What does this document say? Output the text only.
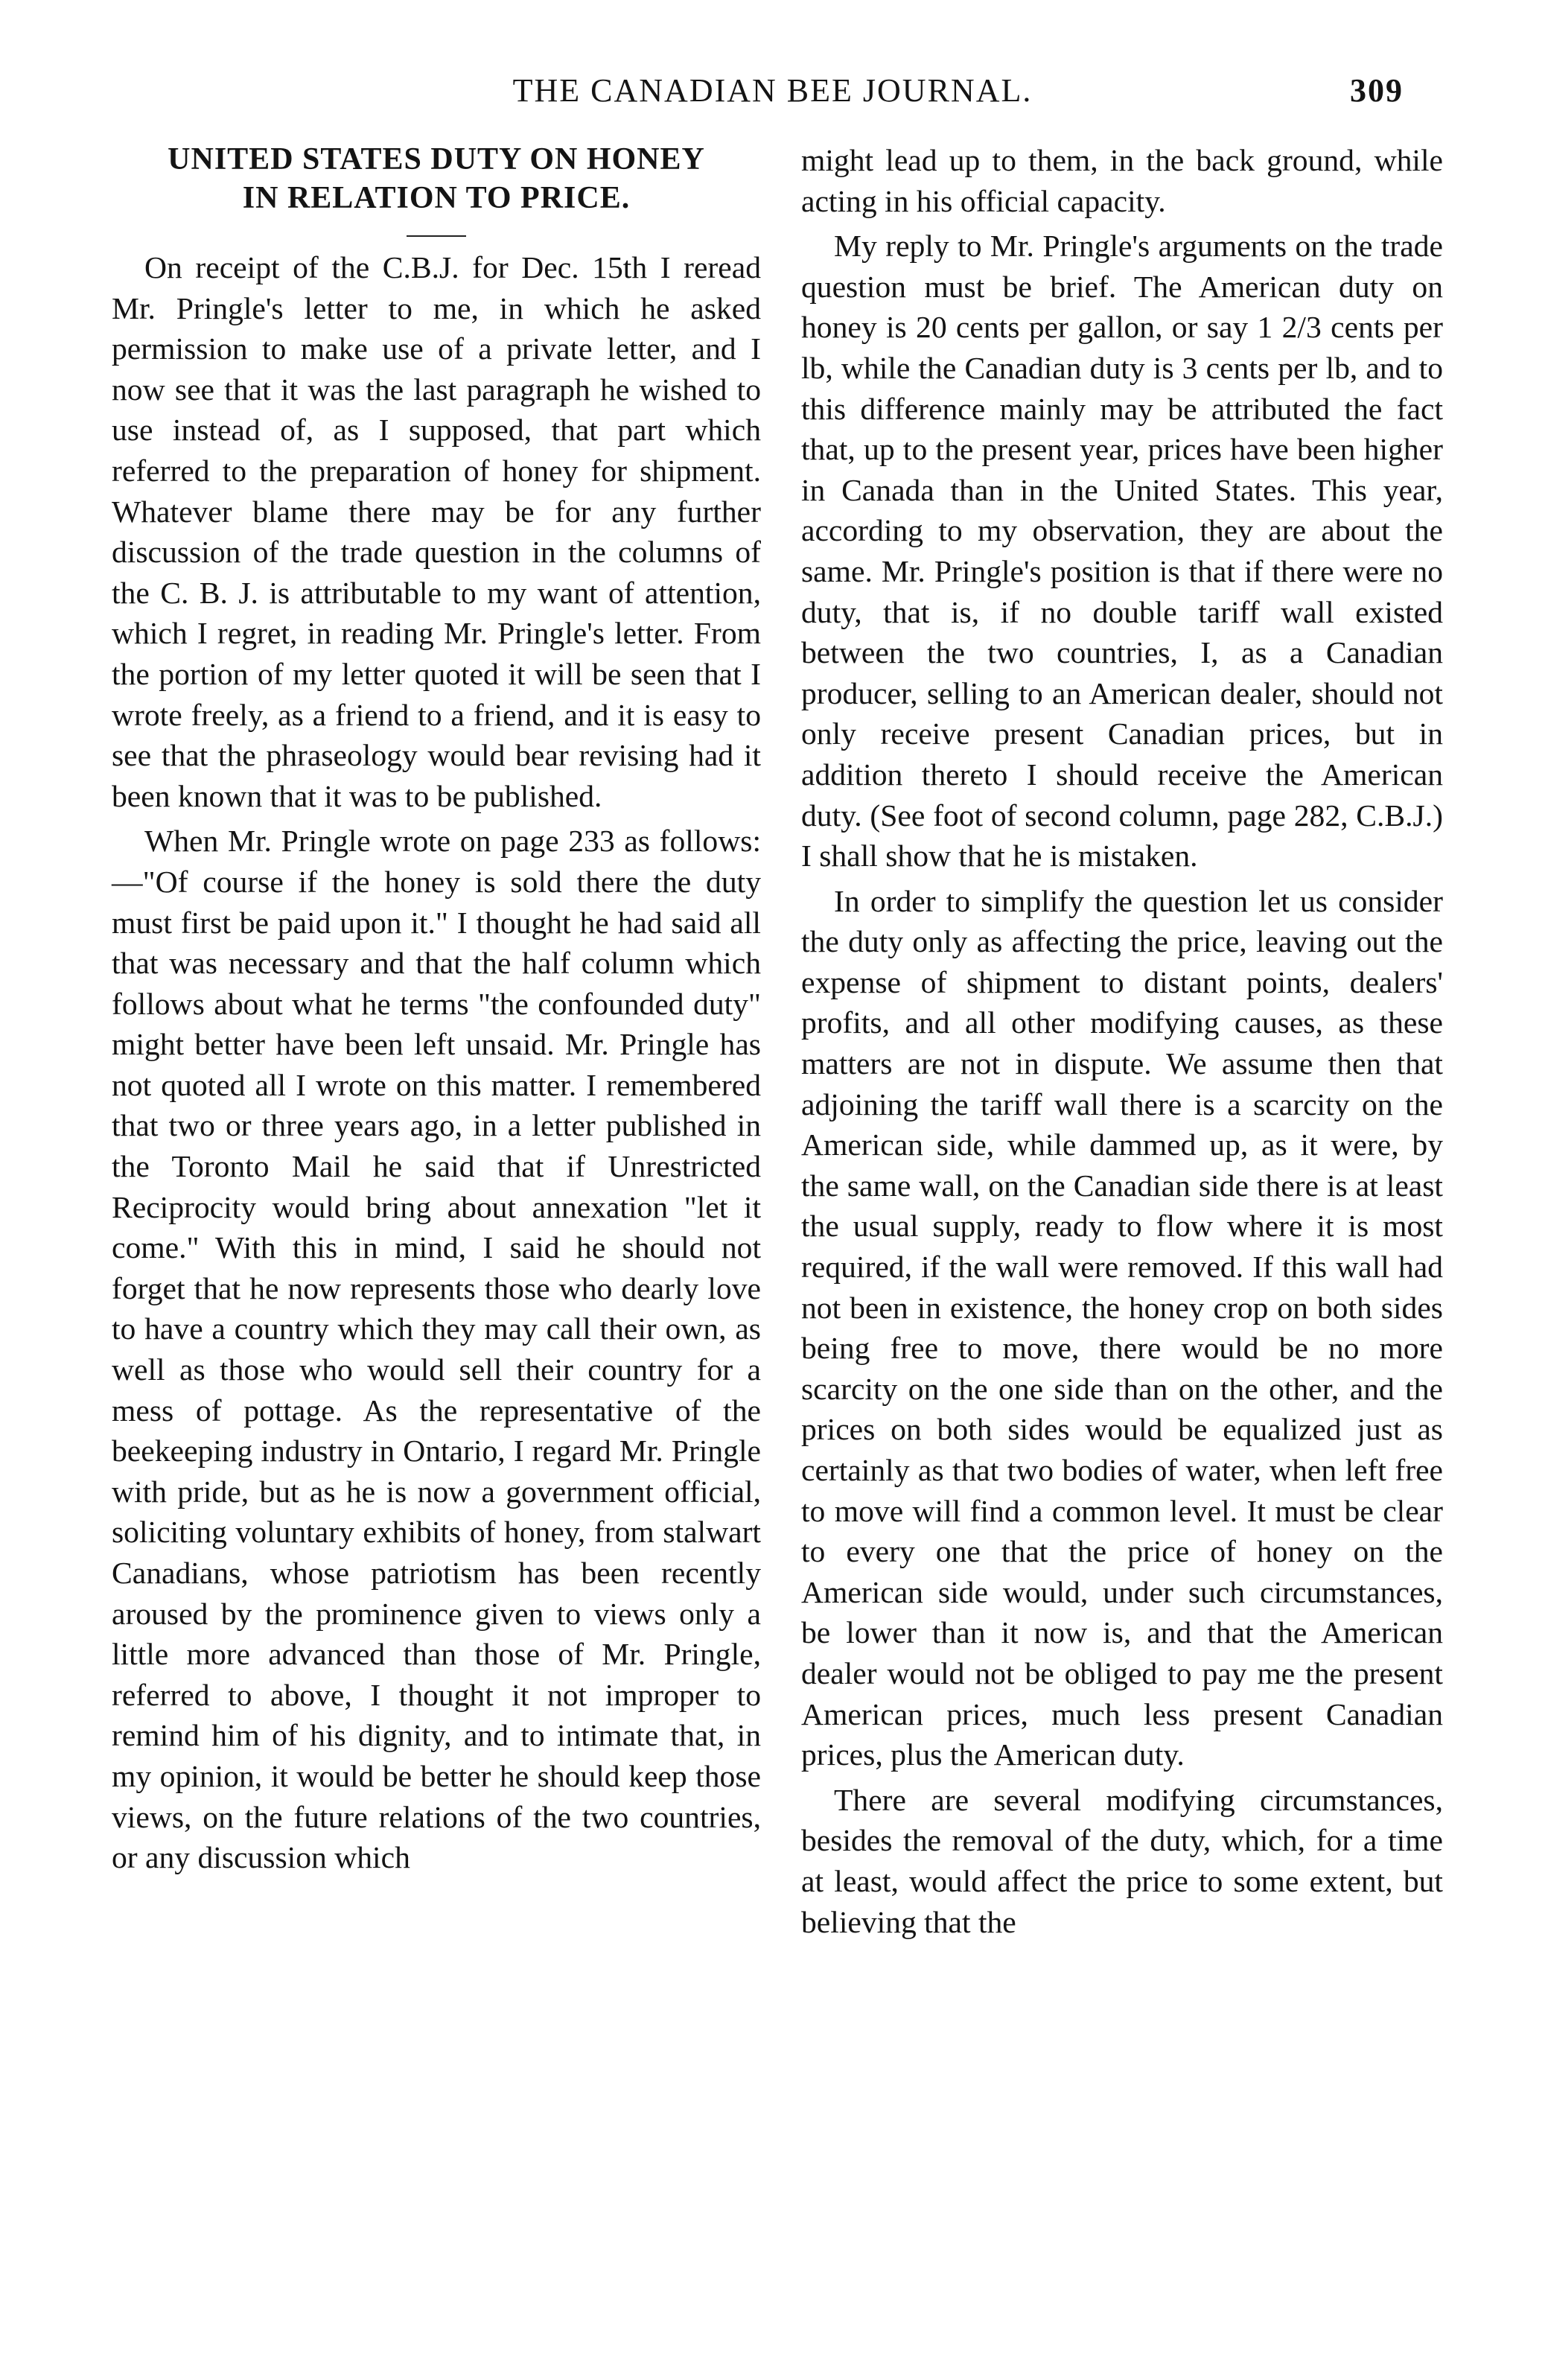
THE CANADIAN BEE JOURNAL.	309
UNITED STATES DUTY ON HONEY
IN RELATION TO PRICE.

On receipt of the C.B.J. for Dec. 15th I reread Mr. Pringle's letter to me, in which he asked permission to make use of a private letter, and I now see that it was the last paragraph he wished to use instead of, as I supposed, that part which referred to the preparation of honey for shipment. Whatever blame there may be for any further discussion of the trade question in the columns of the C. B. J. is attributable to my want of attention, which I regret, in reading Mr. Pringle's letter. From the portion of my letter quoted it will be seen that I wrote freely, as a friend to a friend, and it is easy to see that the phraseology would bear revising had it been known that it was to be published.

When Mr. Pringle wrote on page 233 as follows:—"Of course if the honey is sold there the duty must first be paid upon it." I thought he had said all that was necessary and that the half column which follows about what he terms "the confounded duty" might better have been left unsaid. Mr. Pringle has not quoted all I wrote on this matter. I remembered that two or three years ago, in a letter published in the Toronto Mail he said that if Unrestricted Reciprocity would bring about annexation "let it come." With this in mind, I said he should not forget that he now represents those who dearly love to have a country which they may call their own, as well as those who would sell their country for a mess of pottage. As the representative of the beekeeping industry in Ontario, I regard Mr. Pringle with pride, but as he is now a government official, soliciting voluntary exhibits of honey, from stalwart Canadians, whose patriotism has been recently aroused by the prominence given to views only a little more advanced than those of Mr. Pringle, referred to above, I thought it not improper to remind him of his dignity, and to intimate that, in my opinion, it would be better he should keep those views, on the future relations of the two countries, or any discussion which

might lead up to them, in the back ground, while acting in his official capacity.

My reply to Mr. Pringle's arguments on the trade question must be brief. The American duty on honey is 20 cents per gallon, or say 1 2/3 cents per lb, while the Canadian duty is 3 cents per lb, and to this difference mainly may be attributed the fact that, up to the present year, prices have been higher in Canada than in the United States. This year, according to my observation, they are about the same. Mr. Pringle's position is that if there were no duty, that is, if no double tariff wall existed between the two countries, I, as a Canadian producer, selling to an American dealer, should not only receive present Canadian prices, but in addition thereto I should receive the American duty. (See foot of second column, page 282, C.B.J.) I shall show that he is mistaken.

In order to simplify the question let us consider the duty only as affecting the price, leaving out the expense of shipment to distant points, dealers' profits, and all other modifying causes, as these matters are not in dispute. We assume then that adjoining the tariff wall there is a scarcity on the American side, while dammed up, as it were, by the same wall, on the Canadian side there is at least the usual supply, ready to flow where it is most required, if the wall were removed. If this wall had not been in existence, the honey crop on both sides being free to move, there would be no more scarcity on the one side than on the other, and the prices on both sides would be equalized just as certainly as that two bodies of water, when left free to move will find a common level. It must be clear to every one that the price of honey on the American side would, under such circumstances, be lower than it now is, and that the American dealer would not be obliged to pay me the present American prices, much less present Canadian prices, plus the American duty.

There are several modifying circumstances, besides the removal of the duty, which, for a time at least, would affect the price to some extent, but believing that the
